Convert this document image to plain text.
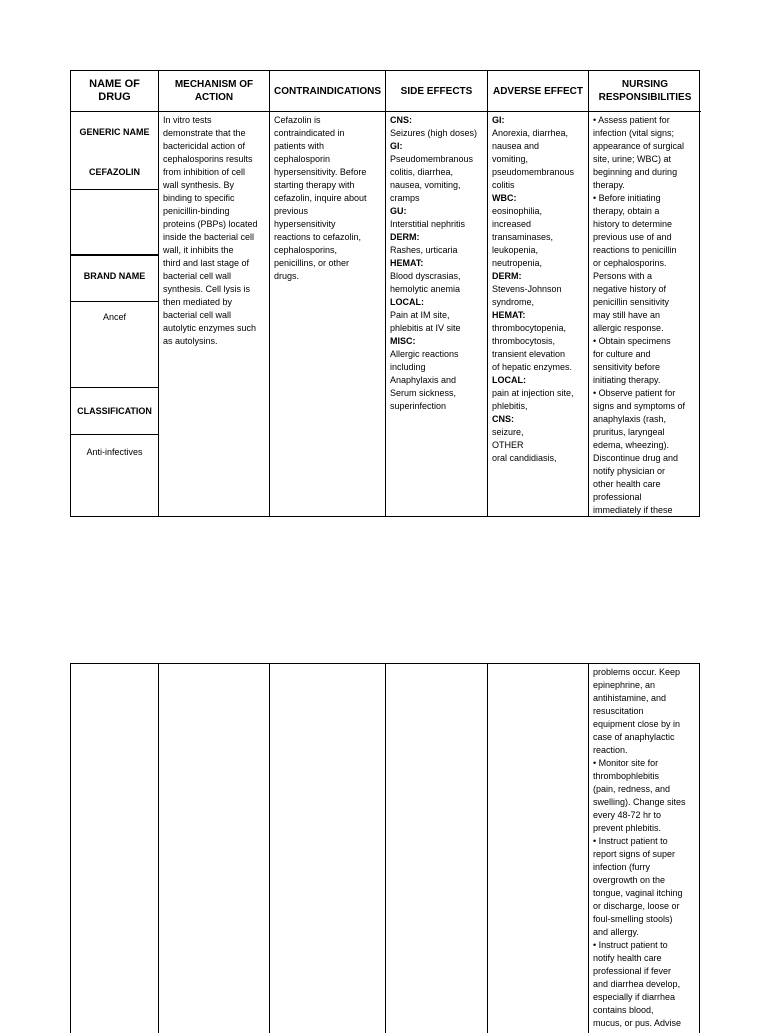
NAME OF
DRUG
GENERIC NAME
CEFAZOLIN
BRAND NAME
Ancef
CLASSIFICATION
Anti-infectives
MECHANISM OF
ACTION
In vitro tests
demonstrate that the
bactericidal action of
cephalosporins results
from inhibition of cell
wall synthesis. By
binding to specific
penicillin-binding
proteins (PBPs) located
inside the bacterial cell
wall, it inhibits the
third and last stage of
bacterial cell wall
synthesis. Cell lysis is
then mediated by
bacterial cell wall
autolytic enzymes such
as autolysins.
CONTRAINDICATIONS
Cefazolin is
contraindicated in
patients with
cephalosporin
hypersensitivity. Before
starting therapy with
cefazolin, inquire about
previous
hypersensitivity
reactions to cefazolin,
cephalosporins,
penicillins, or other
drugs.
SIDE EFFECTS
CNS:
Seizures (high doses)
GI:
Pseudomembranous
colitis, diarrhea,
nausea, vomiting,
cramps
GU:
Interstitial nephritis
DERM:
Rashes, urticaria
HEMAT:
Blood dyscrasias,
hemolytic anemia
LOCAL:
Pain at IM site,
phlebitis at IV site
MISC:
Allergic reactions
including
Anaphylaxis and
Serum sickness,
superinfection
ADVERSE EFFECT
GI:
Anorexia, diarrhea,
nausea and
vomiting,
pseudomembranous
colitis
WBC:
eosinophilia,
increased
transaminases,
leukopenia,
neutropenia,
DERM:
Stevens-Johnson
syndrome,
HEMAT:
thrombocytopenia,
thrombocytosis,
transient elevation
of hepatic enzymes.
LOCAL:
pain at injection site,
phlebitis,
CNS:
seizure,
OTHER
oral candidiasis,
NURSING
RESPONSIBILITIES
• Assess patient for
infection (vital signs;
appearance of surgical
site, urine; WBC) at
beginning and during
therapy.
• Before initiating
therapy, obtain a
history to determine
previous use of and
reactions to penicillin
or cephalosporins.
Persons with a
negative history of
penicillin sensitivity
may still have an
allergic response.
• Obtain specimens
for culture and
sensitivity before
initiating therapy.
• Observe patient for
signs and symptoms of
anaphylaxis (rash,
pruritus, laryngeal
edema, wheezing).
Discontinue drug and
notify physician or
other health care
professional
immediately if these
problems occur. Keep
epinephrine, an
antihistamine, and
resuscitation
equipment close by in
case of anaphylactic
reaction.
• Monitor site for
thrombophlebitis
(pain, redness, and
swelling). Change sites
every 48-72 hr to
prevent phlebitis.
• Instruct patient to
report signs of super
infection (furry
overgrowth on the
tongue, vaginal itching
or discharge, loose or
foul-smelling stools)
and allergy.
• Instruct patient to
notify health care
professional if fever
and diarrhea develop,
especially if diarrhea
contains blood,
mucus, or pus. Advise
